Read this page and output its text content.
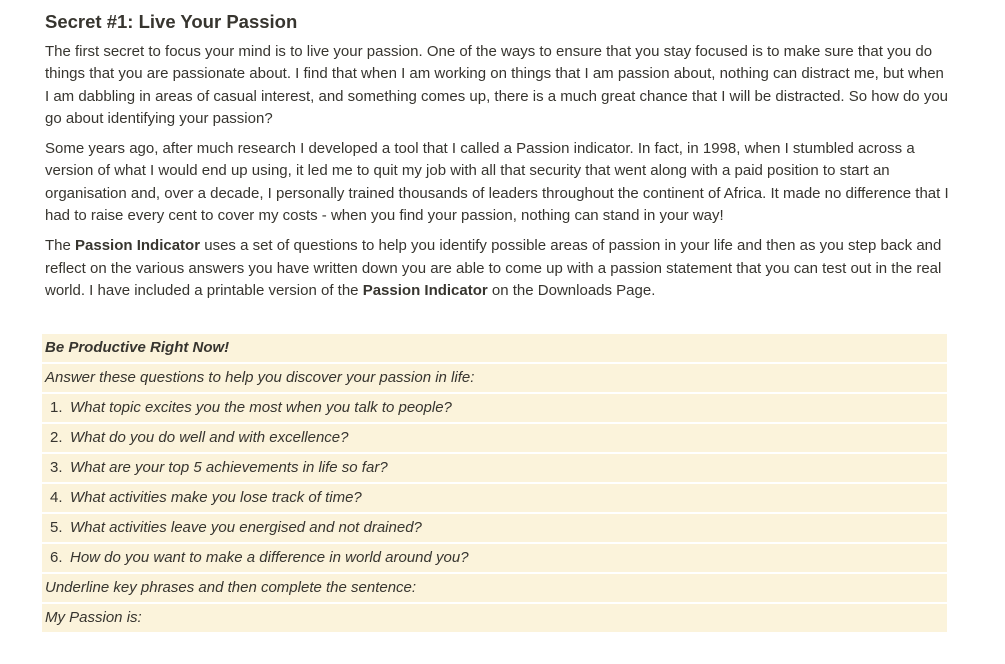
Secret #1: Live Your Passion

The first secret to focus your mind is to live your passion. One of the ways to ensure that you stay focused is to make sure that you do things that you are passionate about. I find that when I am working on things that I am passion about, nothing can distract me, but when I am dabbling in areas of casual interest, and something comes up, there is a much great chance that I will be distracted. So how do you go about identifying your passion?

Some years ago, after much research I developed a tool that I called a Passion indicator. In fact, in 1998, when I stumbled across a version of what I would end up using, it led me to quit my job with all that security that went along with a paid position to start an organisation and, over a decade, I personally trained thousands of leaders throughout the continent of Africa. It made no difference that I had to raise every cent to cover my costs - when you find your passion, nothing can stand in your way!

The Passion Indicator uses a set of questions to help you identify possible areas of passion in your life and then as you step back and reflect on the various answers you have written down you are able to come up with a passion statement that you can test out in the real world. I have included a printable version of the Passion Indicator on the Downloads Page.

Be Productive Right Now!
Answer these questions to help you discover your passion in life:
1. What topic excites you the most when you talk to people?
2. What do you do well and with excellence?
3. What are your top 5 achievements in life so far?
4. What activities make you lose track of time?
5. What activities leave you energised and not drained?
6. How do you want to make a difference in world around you?
Underline key phrases and then complete the sentence:
My Passion is:
